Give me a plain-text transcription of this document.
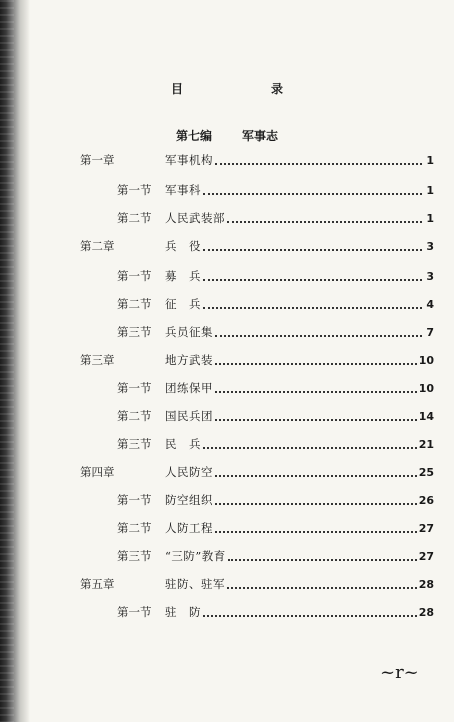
目	录
第七编	军事志
第一章	军事机构	1
第一节 军事科	1
第二节 人民武装部	1
第二章	兵　役	3
第一节 募　兵	3
第二节 征　兵	4
第三节 兵员征集	7
第三章	地方武装	10
第一节 团练保甲	10
第二节 国民兵团	14
第三节 民　兵	21
第四章	人民防空	25
第一节 防空组织	26
第二节 人防工程	27
第三节 “三防”教育	27
第五章	驻防、驻军	28
第一节 驻　防	28
~r~
